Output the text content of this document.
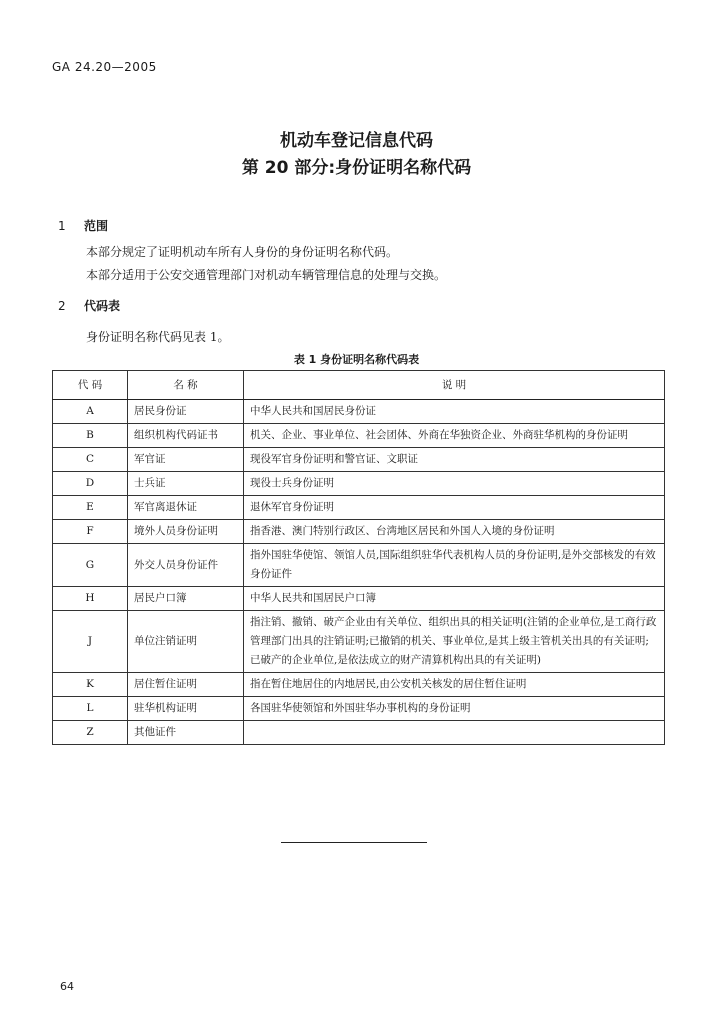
GA 24.20—2005
机动车登记信息代码
第 20 部分:身份证明名称代码
1 范围
本部分规定了证明机动车所有人身份的身份证明名称代码。
本部分适用于公安交通管理部门对机动车辆管理信息的处理与交换。
2 代码表
身份证明名称代码见表 1。
表 1 身份证明名称代码表
代 码	名 称	说 明
A	居民身份证	中华人民共和国居民身份证
B	组织机构代码证书	机关、企业、事业单位、社会团体、外商在华独资企业、外商驻华机构的身份证明
C	军官证	现役军官身份证明和警官证、文职证
D	士兵证	现役士兵身份证明
E	军官离退休证	退休军官身份证明
F	境外人员身份证明	指香港、澳门特别行政区、台湾地区居民和外国人入境的身份证明
G	外交人员身份证件	指外国驻华使馆、领馆人员,国际组织驻华代表机构人员的身份证明,是外交部核发的有效身份证件
H	居民户口簿	中华人民共和国居民户口簿
J	单位注销证明	指注销、撤销、破产企业由有关单位、组织出具的相关证明(注销的企业单位,是工商行政管理部门出具的注销证明;已撤销的机关、事业单位,是其上级主管机关出具的有关证明;已破产的企业单位,是依法成立的财产清算机构出具的有关证明)
K	居住暂住证明	指在暂住地居住的内地居民,由公安机关核发的居住暂住证明
L	驻华机构证明	各国驻华使领馆和外国驻华办事机构的身份证明
Z	其他证件	
64
